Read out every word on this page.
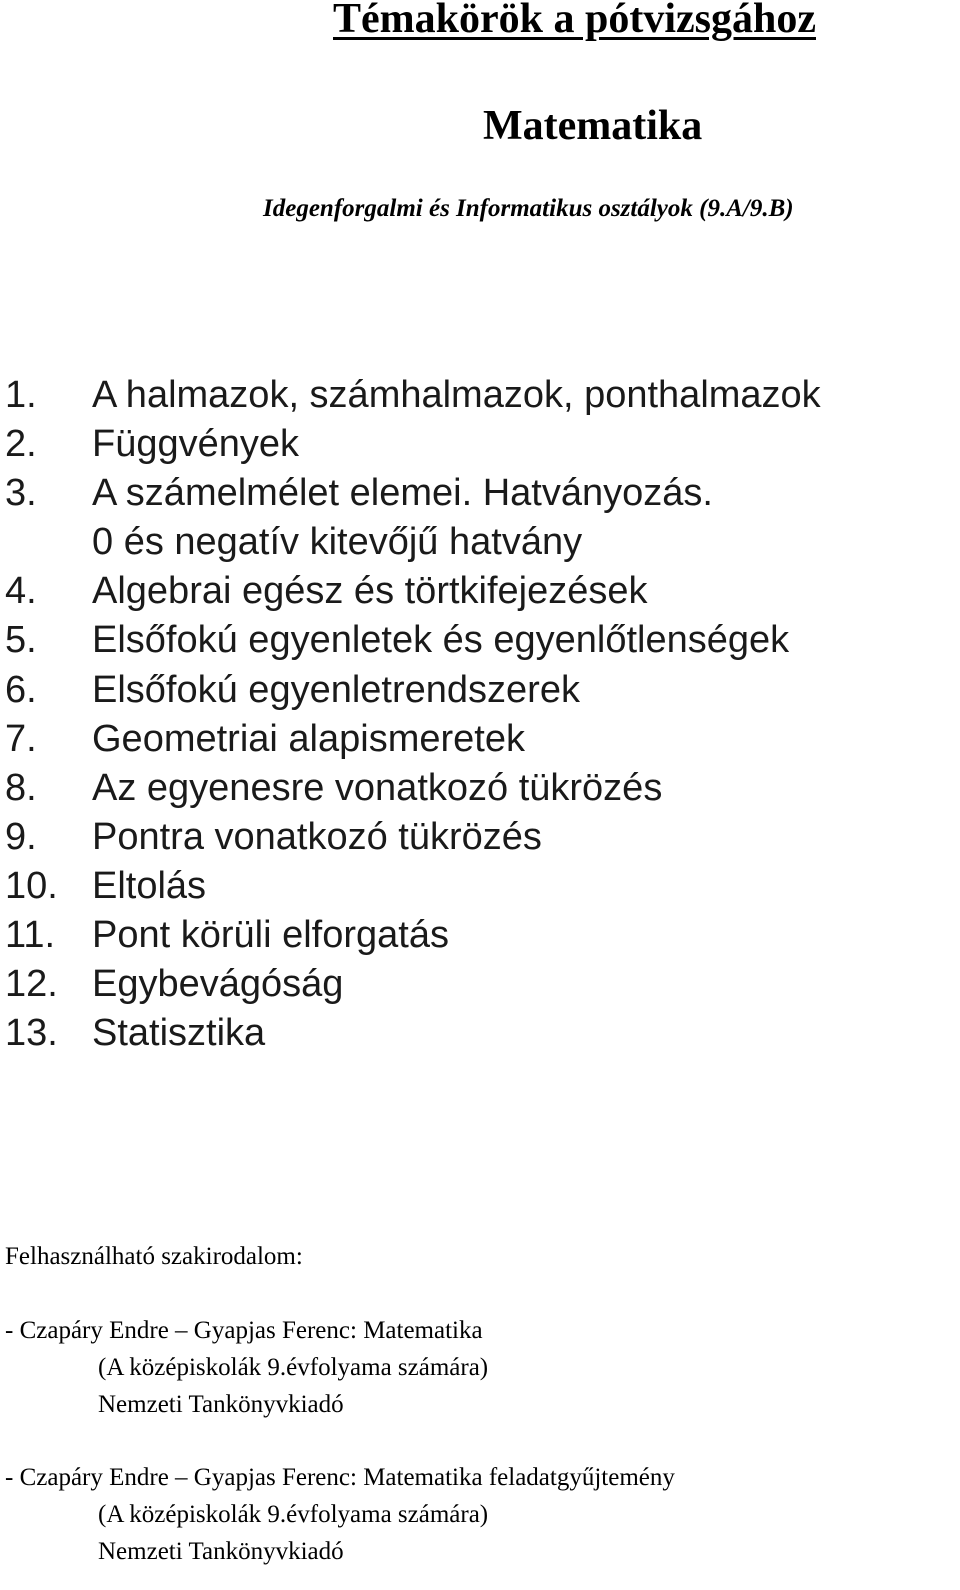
Témakörök a pótvizsgához
Matematika
Idegenforgalmi és Informatikus osztályok (9.A/9.B)
1. A halmazok, számhalmazok, ponthalmazok
2. Függvények
3. A számelmélet elemei. Hatványozás.
0 és negatív kitevőjű hatvány
4. Algebrai egész és törtkifejezések
5. Elsőfokú egyenletek és egyenlőtlenségek
6. Elsőfokú egyenletrendszerek
7. Geometriai alapismeretek
8. Az egyenesre vonatkozó tükrözés
9. Pontra vonatkozó tükrözés
10. Eltolás
11. Pont körüli elforgatás
12. Egybevágóság
13. Statisztika
Felhasználható szakirodalom:
- Czapáry Endre – Gyapjas Ferenc: Matematika
(A középiskolák 9.évfolyama számára)
Nemzeti Tankönyvkiadó
- Czapáry Endre – Gyapjas Ferenc: Matematika feladatgyűjtemény
(A középiskolák 9.évfolyama számára)
Nemzeti Tankönyvkiadó
